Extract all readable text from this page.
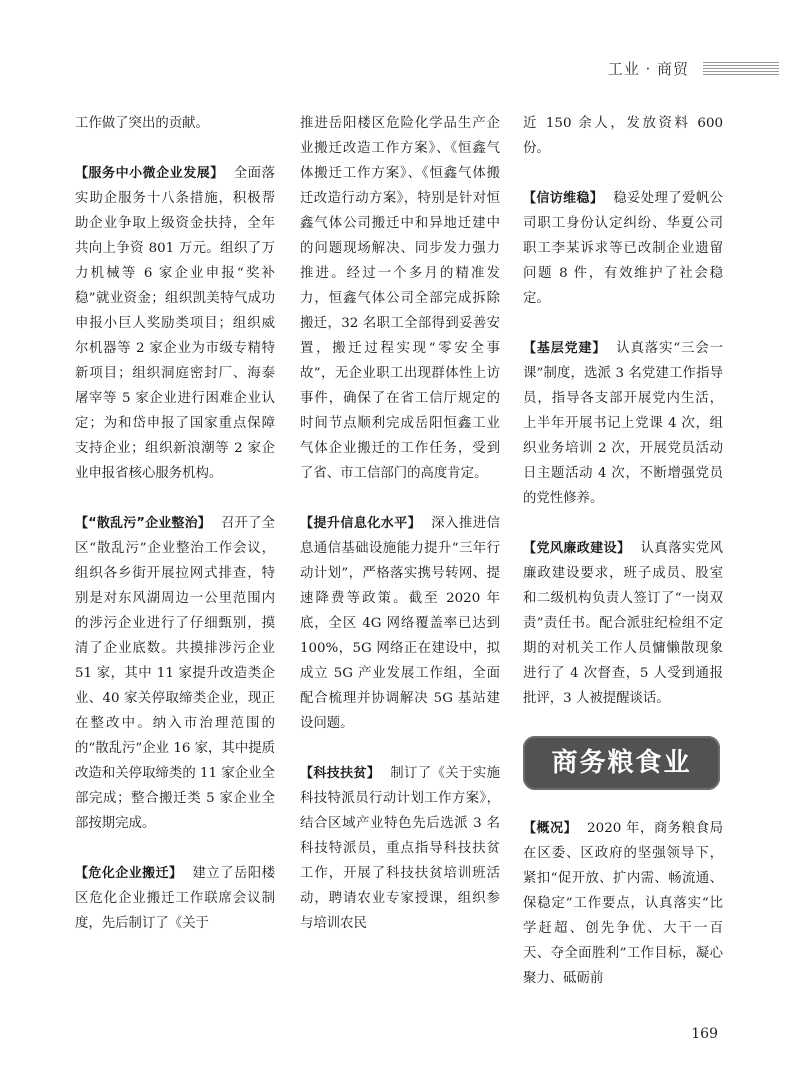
工业 · 商贸

工作做了突出的贡献。

【服务中小微企业发展】 全面落实助企服务十八条措施，积极帮助企业争取上级资金扶持，全年共向上争资 801 万元。组织了万力机械等 6 家企业申报“奖补稳”就业资金；组织凯美特气成功申报小巨人奖励类项目；组织威尔机器等 2 家企业为市级专精特新项目；组织洞庭密封厂、海泰屠宰等 5 家企业进行困难企业认定；为和岱申报了国家重点保障支持企业；组织新浪潮等 2 家企业申报省核心服务机构。

【“散乱污”企业整治】 召开了全区“散乱污”企业整治工作会议，组织各乡街开展拉网式排查，特别是对东风湖周边一公里范围内的涉污企业进行了仔细甄别，摸清了企业底数。共摸排涉污企业 51 家，其中 11 家提升改造类企业、40 家关停取缔类企业，现正在整改中。纳入市治理范围的的“散乱污”企业 16 家，其中提质改造和关停取缔类的 11 家企业全部完成；整合搬迁类 5 家企业全部按期完成。

【危化企业搬迁】 建立了岳阳楼区危化企业搬迁工作联席会议制度，先后制订了《关于

推进岳阳楼区危险化学品生产企业搬迁改造工作方案》、《恒鑫气体搬迁工作方案》、《恒鑫气体搬迁改造行动方案》，特别是针对恒鑫气体公司搬迁中和异地迁建中的问题现场解决、同步发力强力推进。经过一个多月的精准发力，恒鑫气体公司全部完成拆除搬迁，32 名职工全部得到妥善安置，搬迁过程实现“零安全事故”，无企业职工出现群体性上访事件，确保了在省工信厅规定的时间节点顺利完成岳阳恒鑫工业气体企业搬迁的工作任务，受到了省、市工信部门的高度肯定。

【提升信息化水平】 深入推进信息通信基础设施能力提升“三年行动计划”，严格落实携号转网、提速降费等政策。截至 2020 年底，全区 4G 网络覆盖率已达到 100%，5G 网络正在建设中，拟成立 5G 产业发展工作组，全面配合梳理并协调解决 5G 基站建设问题。

【科技扶贫】 制订了《关于实施科技特派员行动计划工作方案》，结合区域产业特色先后选派 3 名科技特派员，重点指导科技扶贫工作，开展了科技扶贫培训班活动，聘请农业专家授课，组织参与培训农民

近 150 余人，发放资料 600 份。

【信访维稳】 稳妥处理了爱帆公司职工身份认定纠纷、华夏公司职工李某诉求等已改制企业遗留问题 8 件，有效维护了社会稳定。

【基层党建】 认真落实“三会一课”制度，选派 3 名党建工作指导员，指导各支部开展党内生活，上半年开展书记上党课 4 次，组织业务培训 2 次，开展党员活动日主题活动 4 次，不断增强党员的党性修养。

【党风廉政建设】 认真落实党风廉政建设要求，班子成员、股室和二级机构负责人签订了“一岗双责”责任书。配合派驻纪检组不定期的对机关工作人员慵懒散现象进行了 4 次督查，5 人受到通报批评，3 人被提醒谈话。

商务粮食业

【概况】 2020 年，商务粮食局在区委、区政府的坚强领导下，紧扣“促开放、扩内需、畅流通、保稳定”工作要点，认真落实“比学赶超、创先争优、大干一百天、夺全面胜利”工作目标，凝心聚力、砥砺前

169
